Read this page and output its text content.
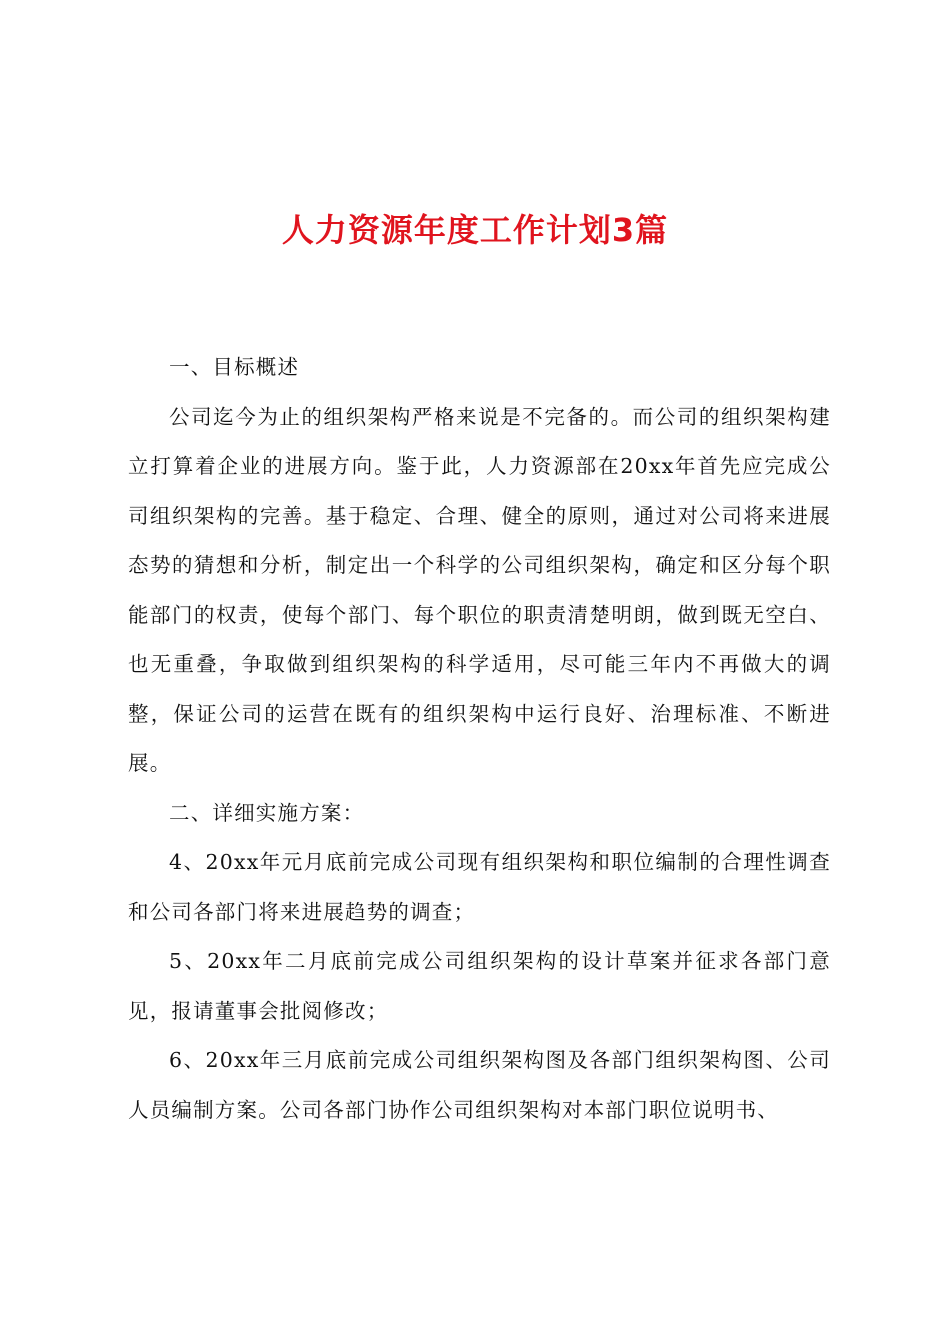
人力资源年度工作计划3篇

一、目标概述

公司迄今为止的组织架构严格来说是不完备的。而公司的组织架构建立打算着企业的进展方向。鉴于此，人力资源部在20xx年首先应完成公司组织架构的完善。基于稳定、合理、健全的原则，通过对公司将来进展态势的猜想和分析，制定出一个科学的公司组织架构，确定和区分每个职能部门的权责，使每个部门、每个职位的职责清楚明朗，做到既无空白、也无重叠，争取做到组织架构的科学适用，尽可能三年内不再做大的调整，保证公司的运营在既有的组织架构中运行良好、治理标准、不断进展。

二、详细实施方案：

4、20xx年元月底前完成公司现有组织架构和职位编制的合理性调查和公司各部门将来进展趋势的调查；

5、20xx年二月底前完成公司组织架构的设计草案并征求各部门意见，报请董事会批阅修改；

6、20xx年三月底前完成公司组织架构图及各部门组织架构图、公司人员编制方案。公司各部门协作公司组织架构对本部门职位说明书、
